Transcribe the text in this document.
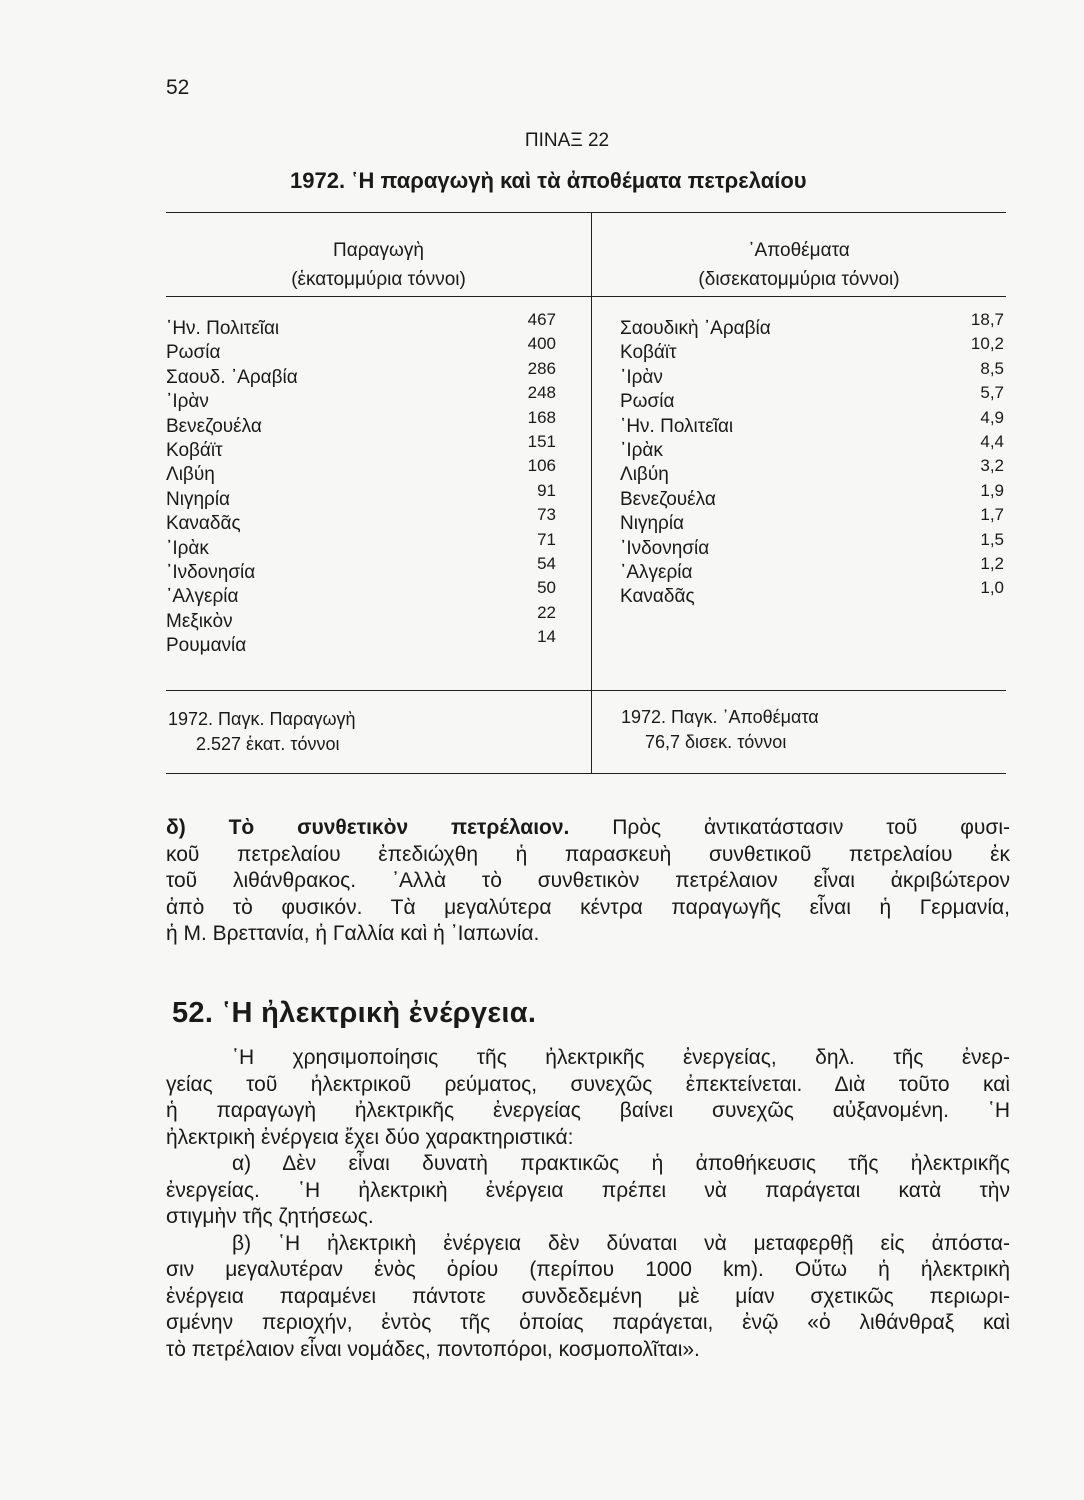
52
ΠΙΝΑΞ 22
1972. ῾Η παραγωγὴ καὶ τὰ ἀποθέματα πετρελαίου
Παραγωγὴ
(ἑκατομμύρια τόννοι)
᾿Αποθέματα
(δισεκατομμύρια τόννοι)
῾Ην. Πολιτεῖαι	467
Ρωσία	400
Σαουδ. ᾿Αραβία	286
᾿Ιρὰν	248
Βενεζουέλα	168
Κοβάϊτ	151
Λιβύη	106
Νιγηρία	91
Καναδᾶς	73
᾿Ιρὰκ	71
᾿Ινδονησία	54
᾿Αλγερία	50
Μεξικὸν	22
Ρουμανία	14
Σαουδικὴ ᾿Αραβία	18,7
Κοβάϊτ	10,2
᾿Ιρὰν	8,5
Ρωσία	5,7
῾Ην. Πολιτεῖαι	4,9
᾿Ιρὰκ	4,4
Λιβύη	3,2
Βενεζουέλα	1,9
Νιγηρία	1,7
᾿Ινδονησία	1,5
᾿Αλγερία	1,2
Καναδᾶς	1,0
1972. Παγκ. Παραγωγὴ
2.527 ἑκατ. τόννοι
1972. Παγκ. ᾿Αποθέματα
76,7 δισεκ. τόννοι
δ) Τὸ συνθετικὸν πετρέλαιον. Πρὸς ἀντικατάστασιν τοῦ φυσι-
κοῦ πετρελαίου ἐπεδιώχθη ἡ παρασκευὴ συνθετικοῦ πετρελαίου ἐκ
τοῦ λιθάνθρακος. ᾿Αλλὰ τὸ συνθετικὸν πετρέλαιον εἶναι ἀκριβώτερον
ἀπὸ τὸ φυσικόν. Τὰ μεγαλύτερα κέντρα παραγωγῆς εἶναι ἡ Γερμανία,
ἡ Μ. Βρεττανία, ἡ Γαλλία καὶ ἡ ᾿Ιαπωνία.
52. ῾Η ἠλεκτρικὴ ἐνέργεια.
῾Η χρησιμοποίησις τῆς ἠλεκτρικῆς ἐνεργείας, δηλ. τῆς ἐνερ-
γείας τοῦ ἠλεκτρικοῦ ρεύματος, συνεχῶς ἐπεκτείνεται. Διὰ τοῦτο καὶ
ἡ παραγωγὴ ἠλεκτρικῆς ἐνεργείας βαίνει συνεχῶς αὐξανομένη. ῾Η
ἠλεκτρικὴ ἐνέργεια ἔχει δύο χαρακτηριστικά:
α) Δὲν εἶναι δυνατὴ πρακτικῶς ἡ ἀποθήκευσις τῆς ἠλεκτρικῆς
ἐνεργείας. ῾Η ἠλεκτρικὴ ἐνέργεια πρέπει νὰ παράγεται κατὰ τὴν
στιγμὴν τῆς ζητήσεως.
β) ῾Η ἠλεκτρικὴ ἐνέργεια δὲν δύναται νὰ μεταφερθῇ εἰς ἀπόστα-
σιν μεγαλυτέραν ἑνὸς ὁρίου (περίπου 1000 km). Οὕτω ἡ ἠλεκτρικὴ
ἐνέργεια παραμένει πάντοτε συνδεδεμένη μὲ μίαν σχετικῶς περιωρι-
σμένην περιοχήν, ἐντὸς τῆς ὁποίας παράγεται, ἐνῷ «ὁ λιθάνθραξ καὶ
τὸ πετρέλαιον εἶναι νομάδες, ποντοπόροι, κοσμοπολῖται».
